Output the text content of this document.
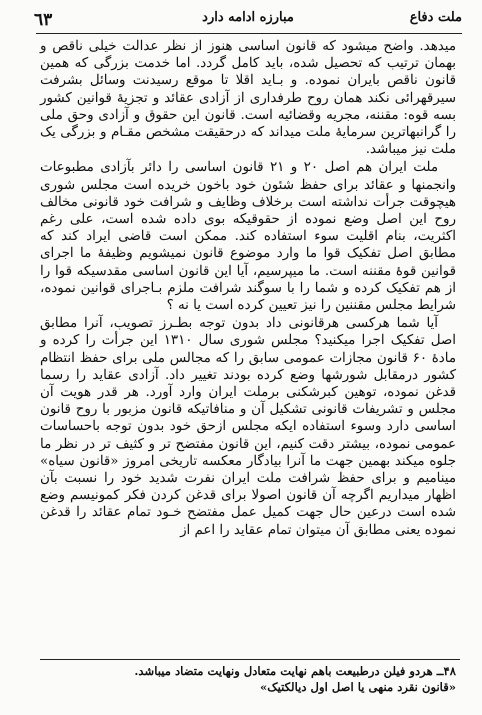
٦٣	مبارزه ادامه دارد	ملت دفاع

میدهد. واضح میشود که قانون اساسی هنوز از نظر عدالت خیلی ناقص و بهمان ترتیب که تحصیل شده، باید کامل گردد. اما خدمت بزرگی که همین قانون ناقص بایران نموده. و بـاید اقلا تا موقع رسیدنت وسائل بشرفت سیرقهرائی نکند همان روح طرفداری از آزادی عقائد و تجزیهٔ قوانین کشور بسه قوه: مقننه، مجریه وقضائیه است. قانون این حقوق و آزادی وحق ملی را گرانبهاترین سرمایهٔ ملت میداند که درحقیقت مشخص مقـام و بزرگی یک ملت نیز میباشد.

ملت ایران هم اصل ۲۰ و ۲۱ قانون اساسی را دائر بآزادی مطبوعات وانجمنها و عقائد برای حفظ شئون خود باخون خریده است مجلس شوری هیچوقت جرأت نداشته است برخلاف وظایف و شرافت خود قانونی مخالف روح این اصل وضع نموده از حقوقیکه بوی داده شده است، علی رغم اکثریت، بنام اقلیت سوء استفاده کند. ممکن است قاضی ایراد کند که مطابق اصل تفکیک قوا ما وارد موضوع قانون نمیشویم وظیفهٔ ما اجرای قوانین قوهٔ مقننه است. ما میپرسیم، آیا این قانون اساسی مقدسیکه قوا را از هم تفکیک کرده و شما را با سوگند شرافت ملزم بـاجرای قوانین نموده، شرایط مجلس مقننین را نیز تعیین کرده است یا نه ؟

آیا شما هرکسی هرقانونی داد بدون توجه بطـرز تصویب، آنرا مطابق اصل تفکیک اجرا میکنید؟ مجلس شوری سال ۱۳۱۰ این جرأت را کرده و مادهٔ ۶۰ قانون مجازات عمومی سابق را که مجالس ملی برای حفظ انتظام کشور درمقابل شورشها وضع کرده بودند تغییر داد. آزادی عقاید را رسما قدغن نموده، توهین کبرشکنی برملت ایران وارد آورد. هر قدر هویت آن مجلس و تشریفات قانونی تشکیل آن و منافاتیکه قانون مزبور با روح قانون اساسی دارد وسوء استفاده ایکه مجلس ازحق خود بدون توجه باحساسات عمومی نموده، بیشتر دقت کنیم، این قانون مفتضح تر و کثیف تر در نظر ما جلوه میکند بهمین جهت ما آنرا بیادگار معکسه تاریخی امروز «قانون سیاه» مینامیم و برای حفظ شرافت ملت ایران نفرت شدید خود را نسبت بآن اظهار میداریم اگرچه آن قانون اصولا برای قدغن کردن فکر کمونیسم وضع شده است درعین حال جهت کمیل عمل مفتضح خـود تمام عقائد را قدغن نموده یعنی مطابق آن میتوان تمام عقاید را اعم از

۴۸ــ هردو فیلن درطبیعت باهم نهایت متعادل ونهایت متضاد میباشد.
«قانون نقرد منهی یا اصل اول دیالکتیک»
